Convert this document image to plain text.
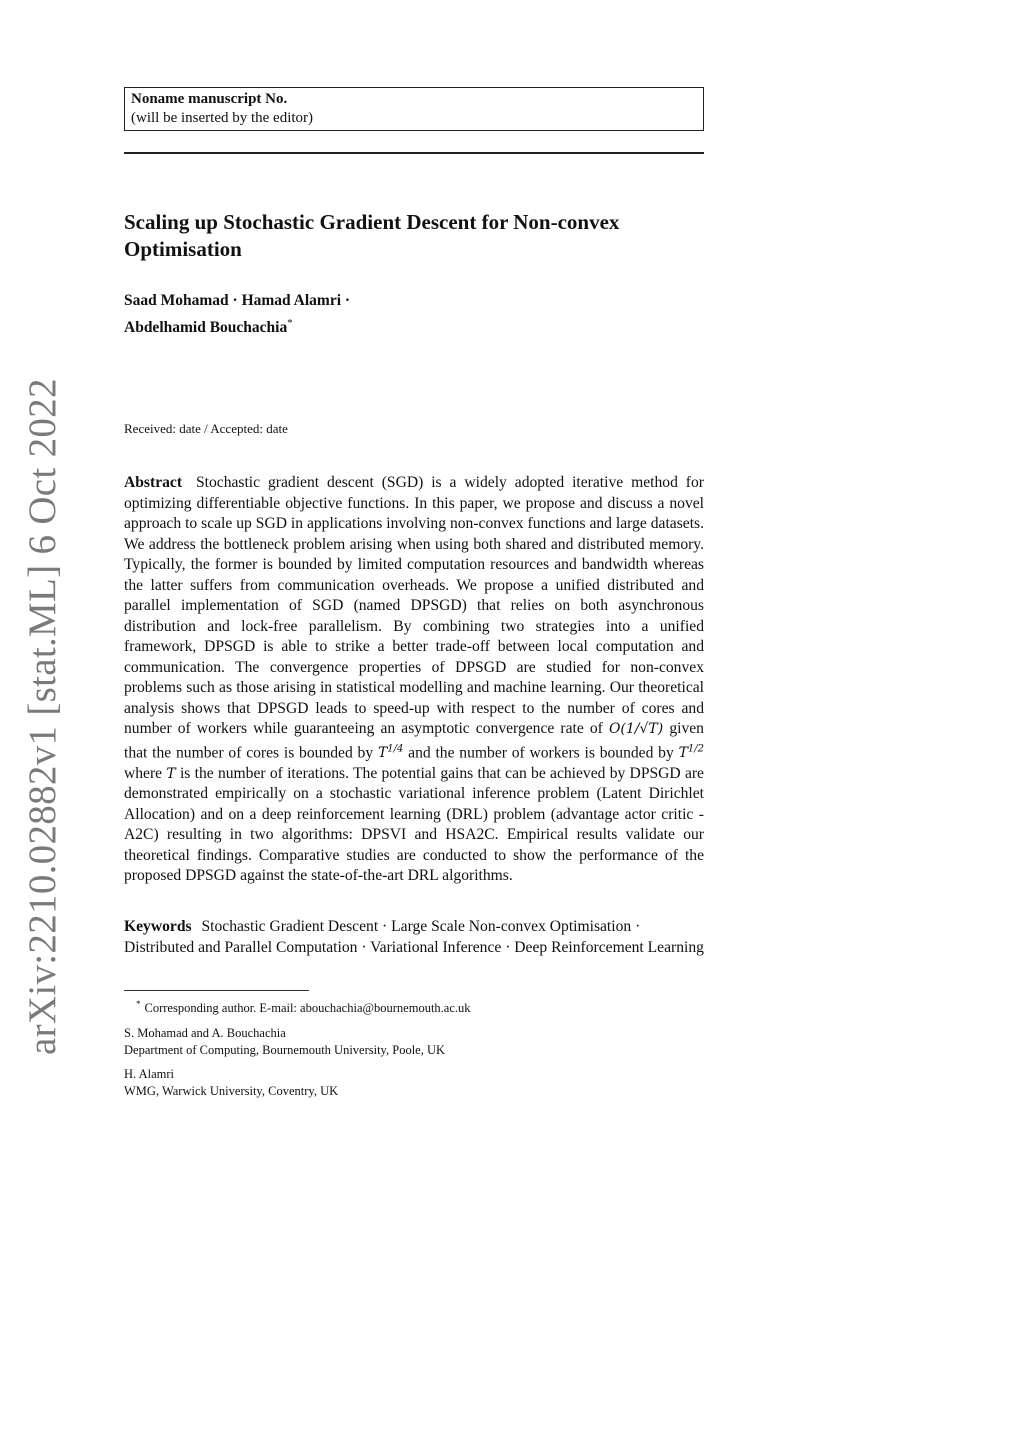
arXiv:2210.02882v1 [stat.ML] 6 Oct 2022
Noname manuscript No.
(will be inserted by the editor)
Scaling up Stochastic Gradient Descent for Non-convex Optimisation
Saad Mohamad · Hamad Alamri ·
Abdelhamid Bouchachia*
Received: date / Accepted: date
Abstract Stochastic gradient descent (SGD) is a widely adopted iterative method for optimizing differentiable objective functions. In this paper, we propose and discuss a novel approach to scale up SGD in applications involving non-convex functions and large datasets. We address the bottleneck problem arising when using both shared and distributed memory. Typically, the former is bounded by limited computation resources and bandwidth whereas the latter suffers from communication overheads. We propose a unified distributed and parallel implementation of SGD (named DPSGD) that relies on both asynchronous distribution and lock-free parallelism. By combining two strategies into a unified framework, DPSGD is able to strike a better trade-off between local computation and communication. The convergence properties of DPSGD are studied for non-convex problems such as those arising in statistical modelling and machine learning. Our theoretical analysis shows that DPSGD leads to speed-up with respect to the number of cores and number of workers while guaranteeing an asymptotic convergence rate of O(1/√T) given that the number of cores is bounded by $T^{1/4}$ and the number of workers is bounded by $T^{1/2}$ where T is the number of iterations. The potential gains that can be achieved by DPSGD are demonstrated empirically on a stochastic variational inference problem (Latent Dirichlet Allocation) and on a deep reinforcement learning (DRL) problem (advantage actor critic - A2C) resulting in two algorithms: DPSVI and HSA2C. Empirical results validate our theoretical findings. Comparative studies are conducted to show the performance of the proposed DPSGD against the state-of-the-art DRL algorithms.
Keywords Stochastic Gradient Descent · Large Scale Non-convex Optimisation · Distributed and Parallel Computation · Variational Inference · Deep Reinforcement Learning
* Corresponding author. E-mail: abouchachia@bournemouth.ac.uk
S. Mohamad and A. Bouchachia
Department of Computing, Bournemouth University, Poole, UK
H. Alamri
WMG, Warwick University, Coventry, UK
